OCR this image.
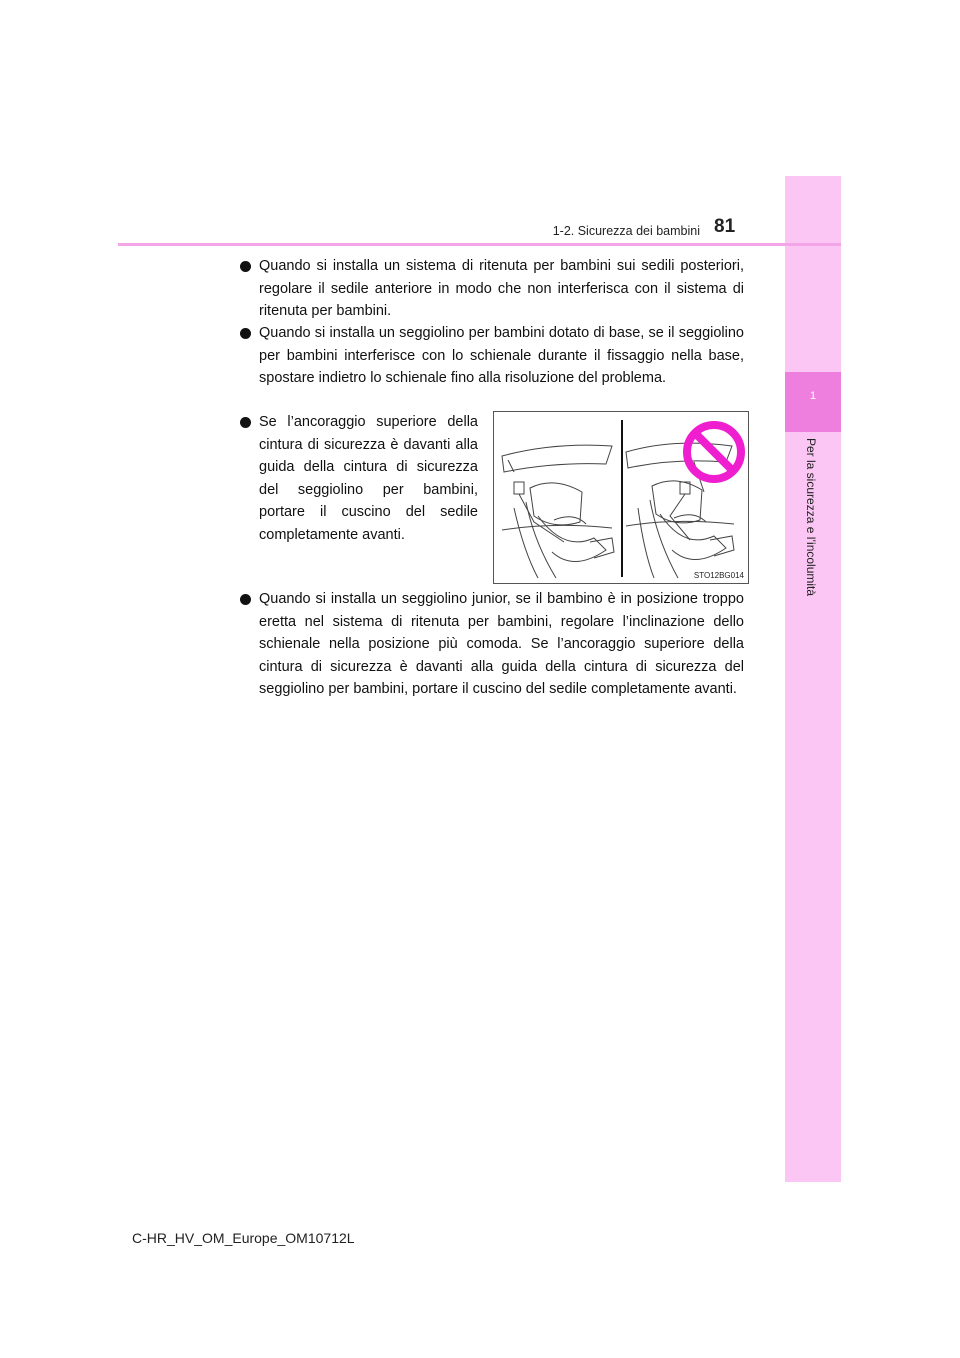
1
Per la sicurezza e l’incolumità
1-2. Sicurezza dei bambini 81
Quando si installa un sistema di ritenuta per bambini sui sedili posteriori, regolare il sedile anteriore in modo che non interferisca con il sistema di ritenuta per bambini.
Quando si installa un seggiolino per bambini dotato di base, se il seggiolino per bambini interferisce con lo schienale durante il fissaggio nella base, spostare indietro lo schienale fino alla risoluzione del problema.
Se l’ancoraggio superiore della cintura di sicurezza è davanti alla guida della cintura di sicurezza del seggiolino per bambini, portare il cuscino del sedile completamente avanti.
STO12BG014
Quando si installa un seggiolino junior, se il bambino è in posizione troppo eretta nel sistema di ritenuta per bambini, regolare l’inclinazione dello schienale nella posizione più comoda. Se l’ancoraggio superiore della cintura di sicurezza è davanti alla guida della cintura di sicurezza del seggiolino per bambini, portare il cuscino del sedile completamente avanti.
C-HR_HV_OM_Europe_OM10712L
